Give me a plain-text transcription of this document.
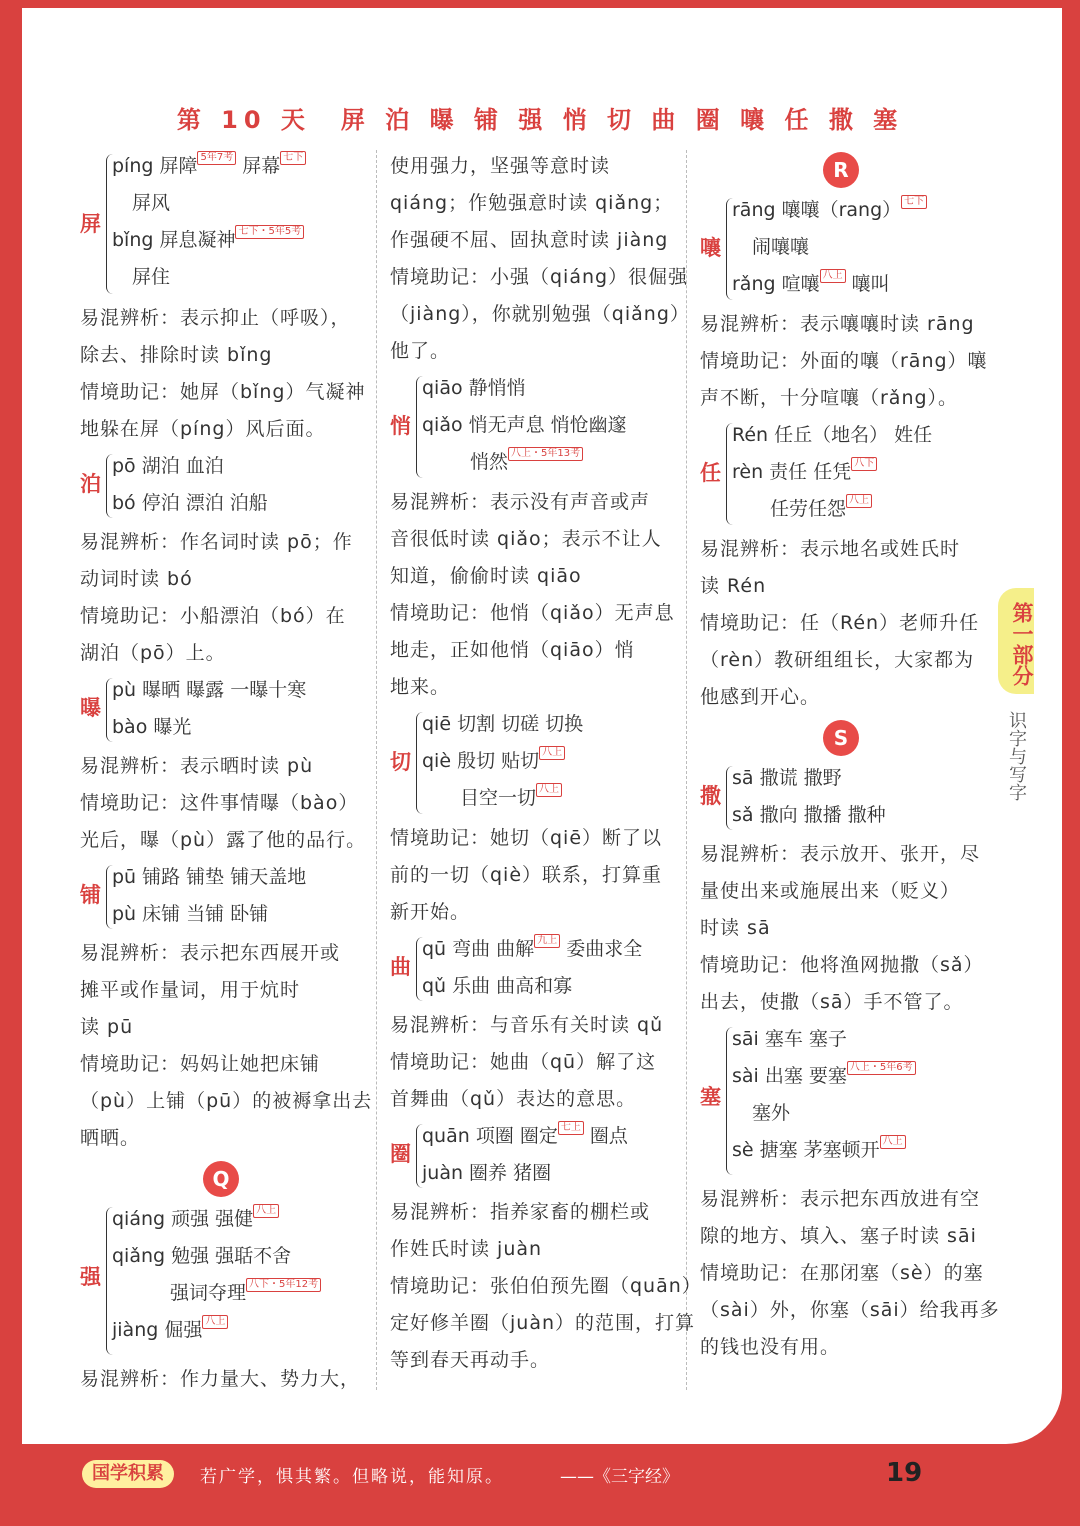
第 10 天　屏 泊 曝 铺 强 悄 切 曲 圈 嚷 任 撒 塞
屏
píng 屏障 5年7考 屏幕 七下
屏风
bǐng 屏息凝神 七下・5年5考
屏住
易混辨析：表示抑止（呼吸），
除去、排除时读 bǐng
情境助记：她屏（bǐng）气凝神
地躲在屏（píng）风后面。
泊
pō 湖泊 血泊
bó 停泊 漂泊 泊船
易混辨析：作名词时读 pō；作
动词时读 bó
情境助记：小船漂泊（bó）在
湖泊（pō）上。
曝
pù 曝晒 曝露 一曝十寒
bào 曝光
易混辨析：表示晒时读 pù
情境助记：这件事情曝（bào）
光后，曝（pù）露了他的品行。
铺
pū 铺路 铺垫 铺天盖地
pù 床铺 当铺 卧铺
易混辨析：表示把东西展开或
摊平或作量词，用于炕时
读 pū
情境助记：妈妈让她把床铺
（pù）上铺（pū）的被褥拿出去
晒晒。
Q
强
qiáng 顽强 强健 八上
qiǎng 勉强 强聒不舍
强词夺理 八下・5年12考
jiàng 倔强 八上
易混辨析：作力量大、势力大，
使用强力，坚强等意时读
qiáng；作勉强意时读 qiǎng；
作强硬不屈、固执意时读 jiàng
情境助记：小强（qiáng）很倔强
（jiàng），你就别勉强（qiǎng）
他了。
悄
qiāo 静悄悄
qiǎo 悄无声息 悄怆幽邃
悄然 八上・5年13考
易混辨析：表示没有声音或声
音很低时读 qiǎo；表示不让人
知道，偷偷时读 qiāo
情境助记：他悄（qiǎo）无声息
地走，正如他悄（qiāo）悄
地来。
切
qiē 切割 切磋 切换
qiè 殷切 贴切 八上
目空一切 八上
情境助记：她切（qiē）断了以
前的一切（qiè）联系，打算重
新开始。
曲
qū 弯曲 曲解 九上 委曲求全
qǔ 乐曲 曲高和寡
易混辨析：与音乐有关时读 qǔ
情境助记：她曲（qū）解了这
首舞曲（qǔ）表达的意思。
圈
quān 项圈 圈定 七上 圈点
juàn 圈养 猪圈
易混辨析：指养家畜的棚栏或
作姓氏时读 juàn
情境助记：张伯伯预先圈（quān）
定好修羊圈（juàn）的范围，打算
等到春天再动手。
R
嚷
rāng 嚷嚷（rang） 七下
闹嚷嚷
rǎng 喧嚷 八上 嚷叫
易混辨析：表示嚷嚷时读 rāng
情境助记：外面的嚷（rāng）嚷
声不断，十分喧嚷（rǎng）。
任
Rén 任丘（地名） 姓任
rèn 责任 任凭 八下
任劳任怨 八上
易混辨析：表示地名或姓氏时
读 Rén
情境助记：任（Rén）老师升任
（rèn）教研组组长，大家都为
他感到开心。
S
撒
sā 撒谎 撒野
sǎ 撒向 撒播 撒种
易混辨析：表示放开、张开，尽
量使出来或施展出来（贬义）
时读 sā
情境助记：他将渔网抛撒（sǎ）
出去，使撒（sā）手不管了。
塞
sāi 塞车 塞子
sài 出塞 要塞 八上・5年6考
塞外
sè 搪塞 茅塞顿开 八上
易混辨析：表示把东西放进有空
隙的地方、填入、塞子时读 sāi
情境助记：在那闭塞（sè）的塞
（sài）外，你塞（sāi）给我再多
的钱也没有用。
第一部分
识字与写字
国学积累	若广学，惧其繁。但略说，能知原。	——《三字经》	19
